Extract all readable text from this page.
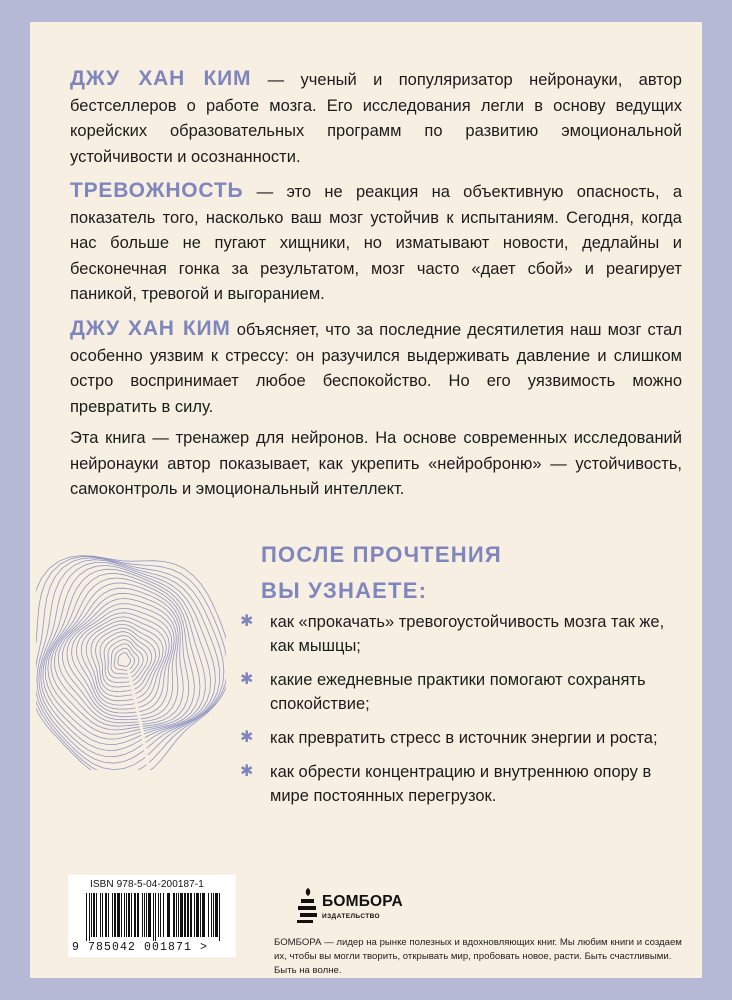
ДЖУ ХАН КИМ — ученый и популяризатор нейронауки, автор бестселлеров о работе мозга. Его исследования легли в основу ведущих корейских образовательных программ по развитию эмоциональной устойчивости и осознанности.
ТРЕВОЖНОСТЬ — это не реакция на объективную опасность, а показатель того, насколько ваш мозг устойчив к испытаниям. Сегодня, когда нас больше не пугают хищники, но изматывают новости, дедлайны и бесконечная гонка за результатом, мозг часто «дает сбой» и реагирует паникой, тревогой и выгоранием.
ДЖУ ХАН КИМ объясняет, что за последние десятилетия наш мозг стал особенно уязвим к стрессу: он разучился выдерживать давление и слишком остро воспринимает любое беспокойство. Но его уязвимость можно превратить в силу.
Эта книга — тренажер для нейронов. На основе современных исследований нейронауки автор показывает, как укрепить «нейроброню» — устойчивость, самоконтроль и эмоциональный интеллект.
ПОСЛЕ ПРОЧТЕНИЯ
ВЫ УЗНАЕТЕ:
✱ как «прокачать» тревогоустойчивость мозга так же, как мышцы;
✱ какие ежедневные практики помогают сохранять спокойствие;
✱ как превратить стресс в источник энергии и роста;
✱ как обрести концентрацию и внутреннюю опору в мире постоянных перегрузок.
ISBN 978-5-04-200187-1
9 785042 001871 >
БОМБОРА
ИЗДАТЕЛЬСТВО
БОМБОРА — лидер на рынке полезных и вдохновляющих книг. Мы любим книги и создаем их, чтобы вы могли творить, открывать мир, пробовать новое, расти. Быть счастливыми. Быть на волне.
